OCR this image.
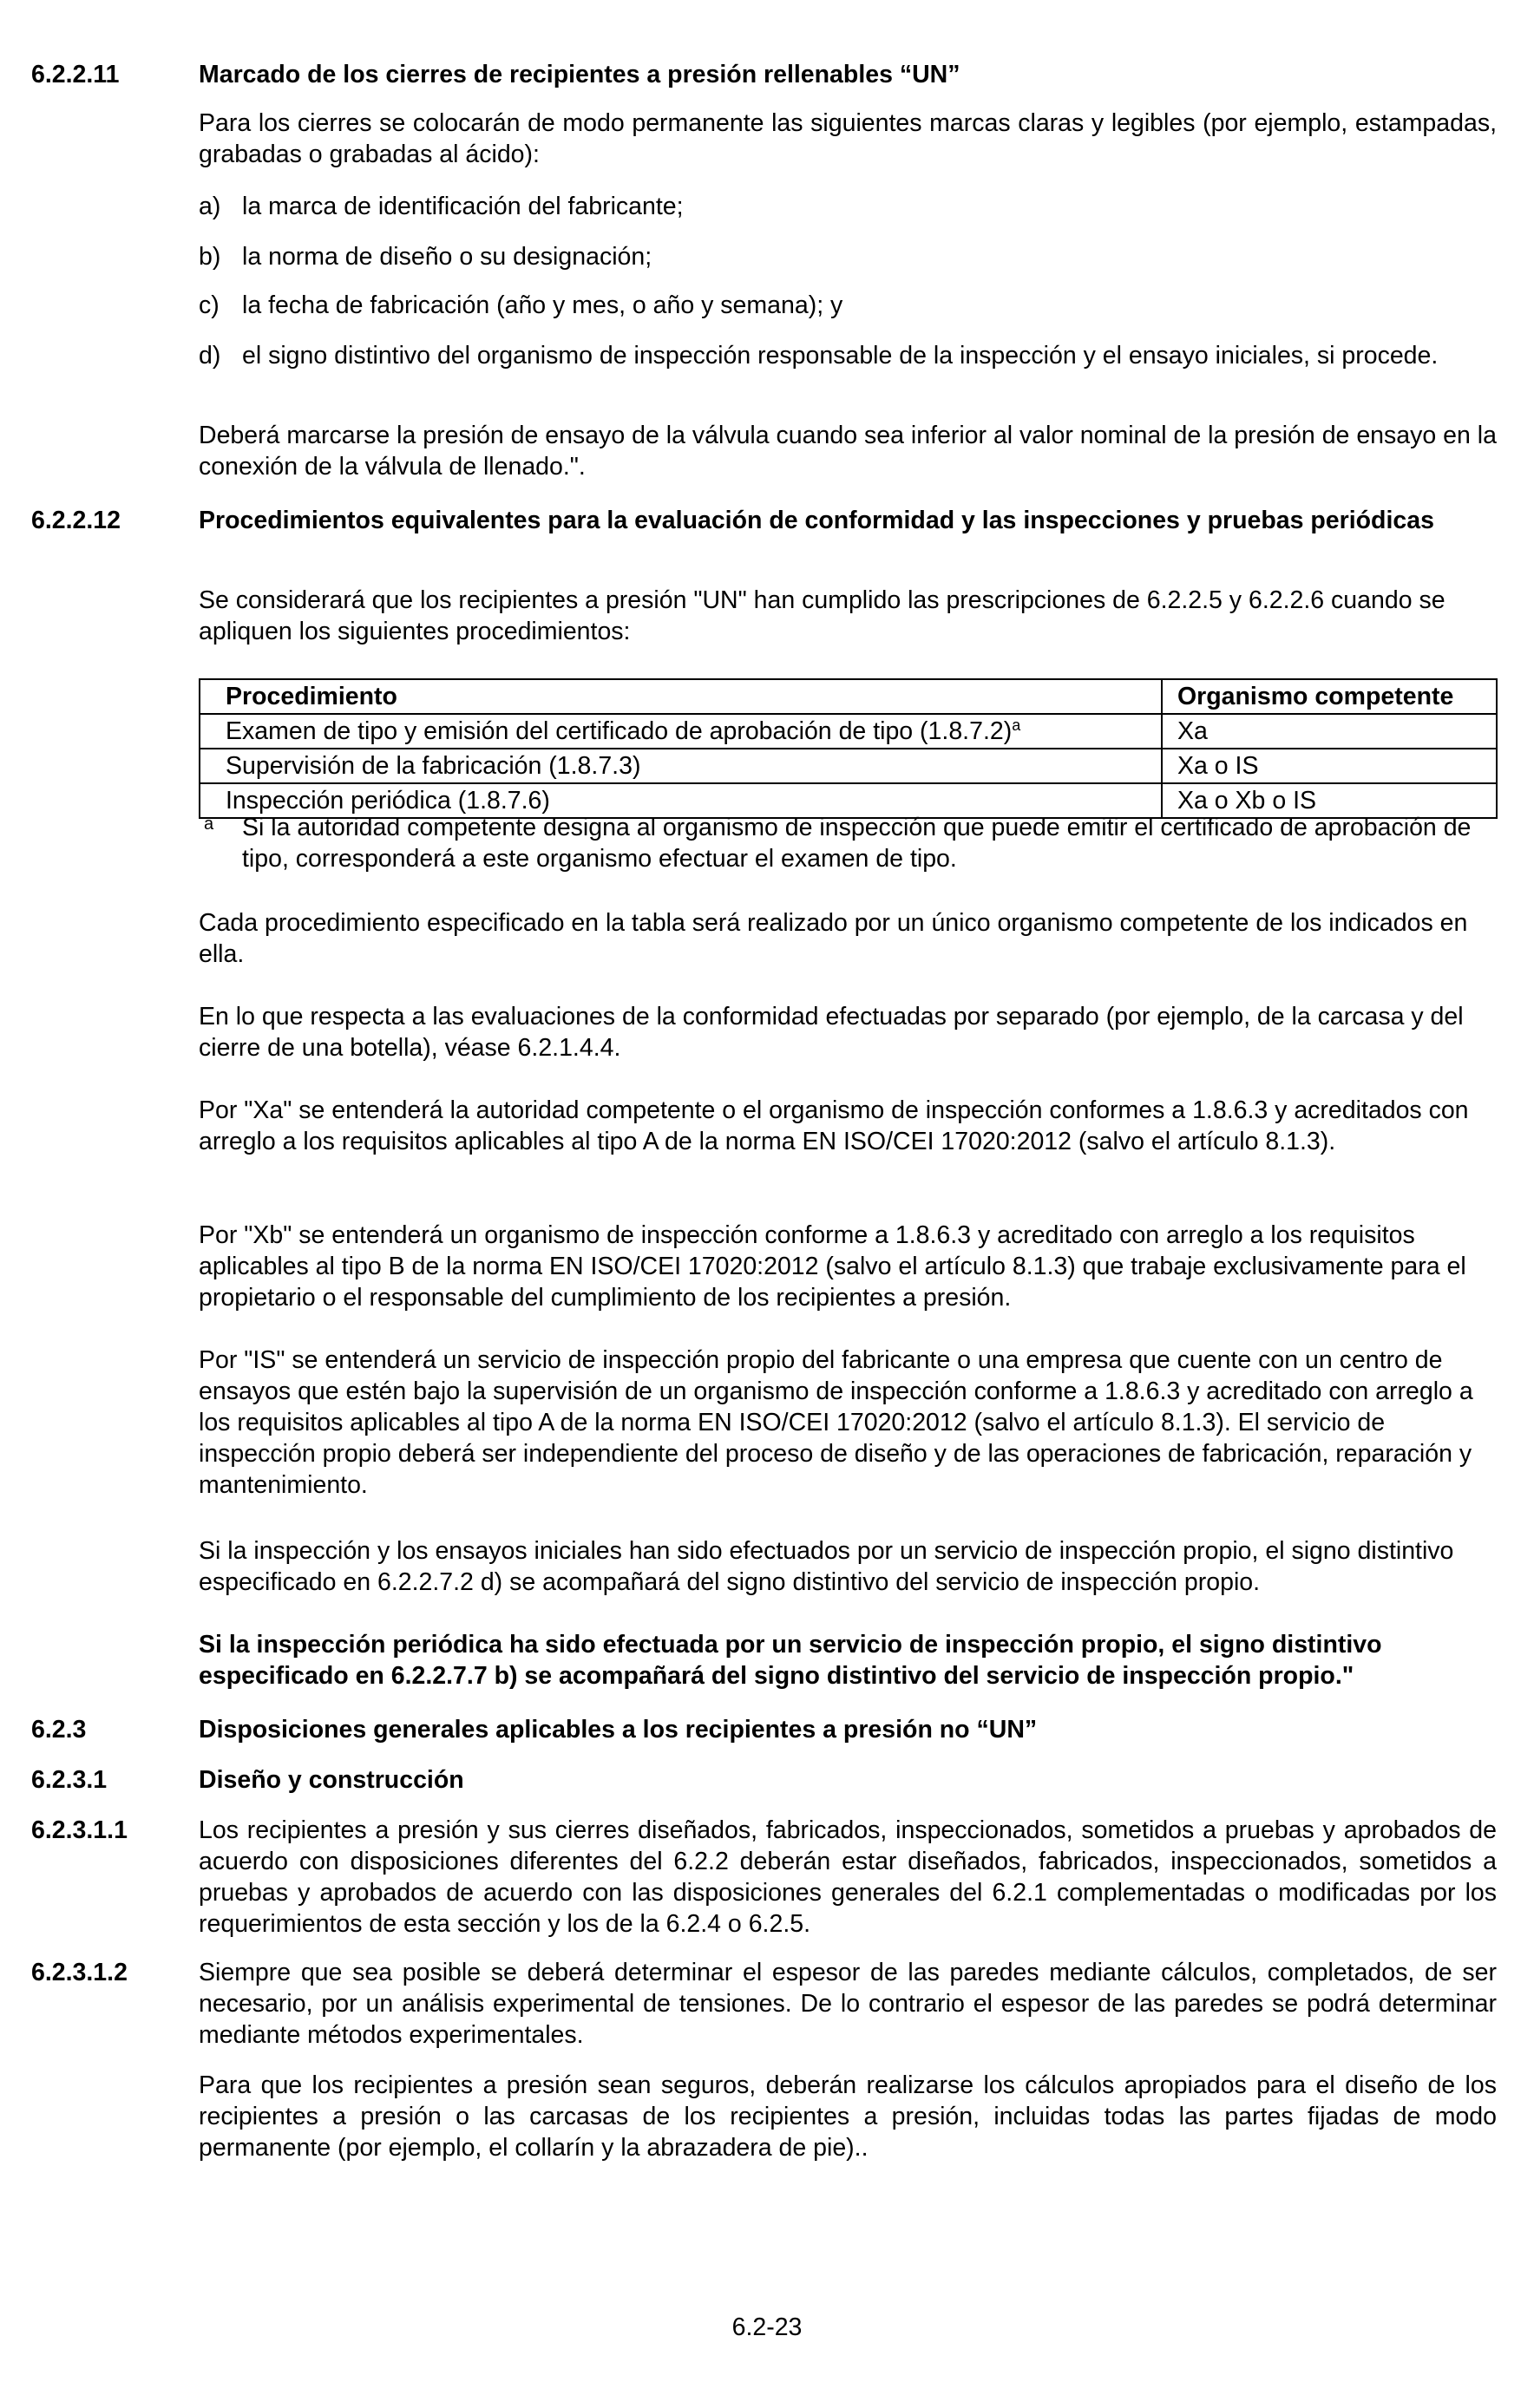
6.2.2.11	Marcado de los cierres de recipientes a presión rellenables “UN”
Para los cierres se colocarán de modo permanente las siguientes marcas claras y legibles (por ejemplo, estampadas, grabadas o grabadas al ácido):
a) la marca de identificación del fabricante;
b) la norma de diseño o su designación;
c) la fecha de fabricación (año y mes, o año y semana); y
d) el signo distintivo del organismo de inspección responsable de la inspección y el ensayo iniciales, si procede.
Deberá marcarse la presión de ensayo de la válvula cuando sea inferior al valor nominal de la presión de ensayo en la conexión de la válvula de llenado.".
6.2.2.12	Procedimientos equivalentes para la evaluación de conformidad y las inspecciones y pruebas periódicas
Se considerará que los recipientes a presión "UN" han cumplido las prescripciones de 6.2.2.5 y 6.2.2.6 cuando se apliquen los siguientes procedimientos:
Procedimiento	Organismo competente
Examen de tipo y emisión del certificado de aprobación de tipo $(1.8.7.2)^a$	Xa
Supervisión de la fabricación (1.8.7.3)	Xa o IS
Inspección periódica (1.8.7.6)	Xa o Xb o IS
a Si la autoridad competente designa al organismo de inspección que puede emitir el certificado de aprobación de tipo, corresponderá a este organismo efectuar el examen de tipo.
Cada procedimiento especificado en la tabla será realizado por un único organismo competente de los indicados en ella.
En lo que respecta a las evaluaciones de la conformidad efectuadas por separado (por ejemplo, de la carcasa y del cierre de una botella), véase 6.2.1.4.4.
Por "Xa" se entenderá la autoridad competente o el organismo de inspección conformes a 1.8.6.3 y acreditados con arreglo a los requisitos aplicables al tipo A de la norma EN ISO/CEI 17020:2012 (salvo el artículo 8.1.3).
Por "Xb" se entenderá un organismo de inspección conforme a 1.8.6.3 y acreditado con arreglo a los requisitos aplicables al tipo B de la norma EN ISO/CEI 17020:2012 (salvo el artículo 8.1.3) que trabaje exclusivamente para el propietario o el responsable del cumplimiento de los recipientes a presión.
Por "IS" se entenderá un servicio de inspección propio del fabricante o una empresa que cuente con un centro de ensayos que estén bajo la supervisión de un organismo de inspección conforme a 1.8.6.3 y acreditado con arreglo a los requisitos aplicables al tipo A de la norma EN ISO/CEI 17020:2012 (salvo el artículo 8.1.3). El servicio de inspección propio deberá ser independiente del proceso de diseño y de las operaciones de fabricación, reparación y mantenimiento.
Si la inspección y los ensayos iniciales han sido efectuados por un servicio de inspección propio, el signo distintivo especificado en 6.2.2.7.2 d) se acompañará del signo distintivo del servicio de inspección propio.
Si la inspección periódica ha sido efectuada por un servicio de inspección propio, el signo distintivo especificado en 6.2.2.7.7 b) se acompañará del signo distintivo del servicio de inspección propio."
6.2.3	Disposiciones generales aplicables a los recipientes a presión no “UN”
6.2.3.1	Diseño y construcción
6.2.3.1.1	Los recipientes a presión y sus cierres diseñados, fabricados, inspeccionados, sometidos a pruebas y aprobados de acuerdo con disposiciones diferentes del 6.2.2 deberán estar diseñados, fabricados, inspeccionados, sometidos a pruebas y aprobados de acuerdo con las disposiciones generales del 6.2.1 complementadas o modificadas por los requerimientos de esta sección y los de la 6.2.4 o 6.2.5.
6.2.3.1.2	Siempre que sea posible se deberá determinar el espesor de las paredes mediante cálculos, completados, de ser necesario, por un análisis experimental de tensiones. De lo contrario el espesor de las paredes se podrá determinar mediante métodos experimentales.
Para que los recipientes a presión sean seguros, deberán realizarse los cálculos apropiados para el diseño de los recipientes a presión o las carcasas de los recipientes a presión, incluidas todas las partes fijadas de modo permanente (por ejemplo, el collarín y la abrazadera de pie)..
6.2-23
